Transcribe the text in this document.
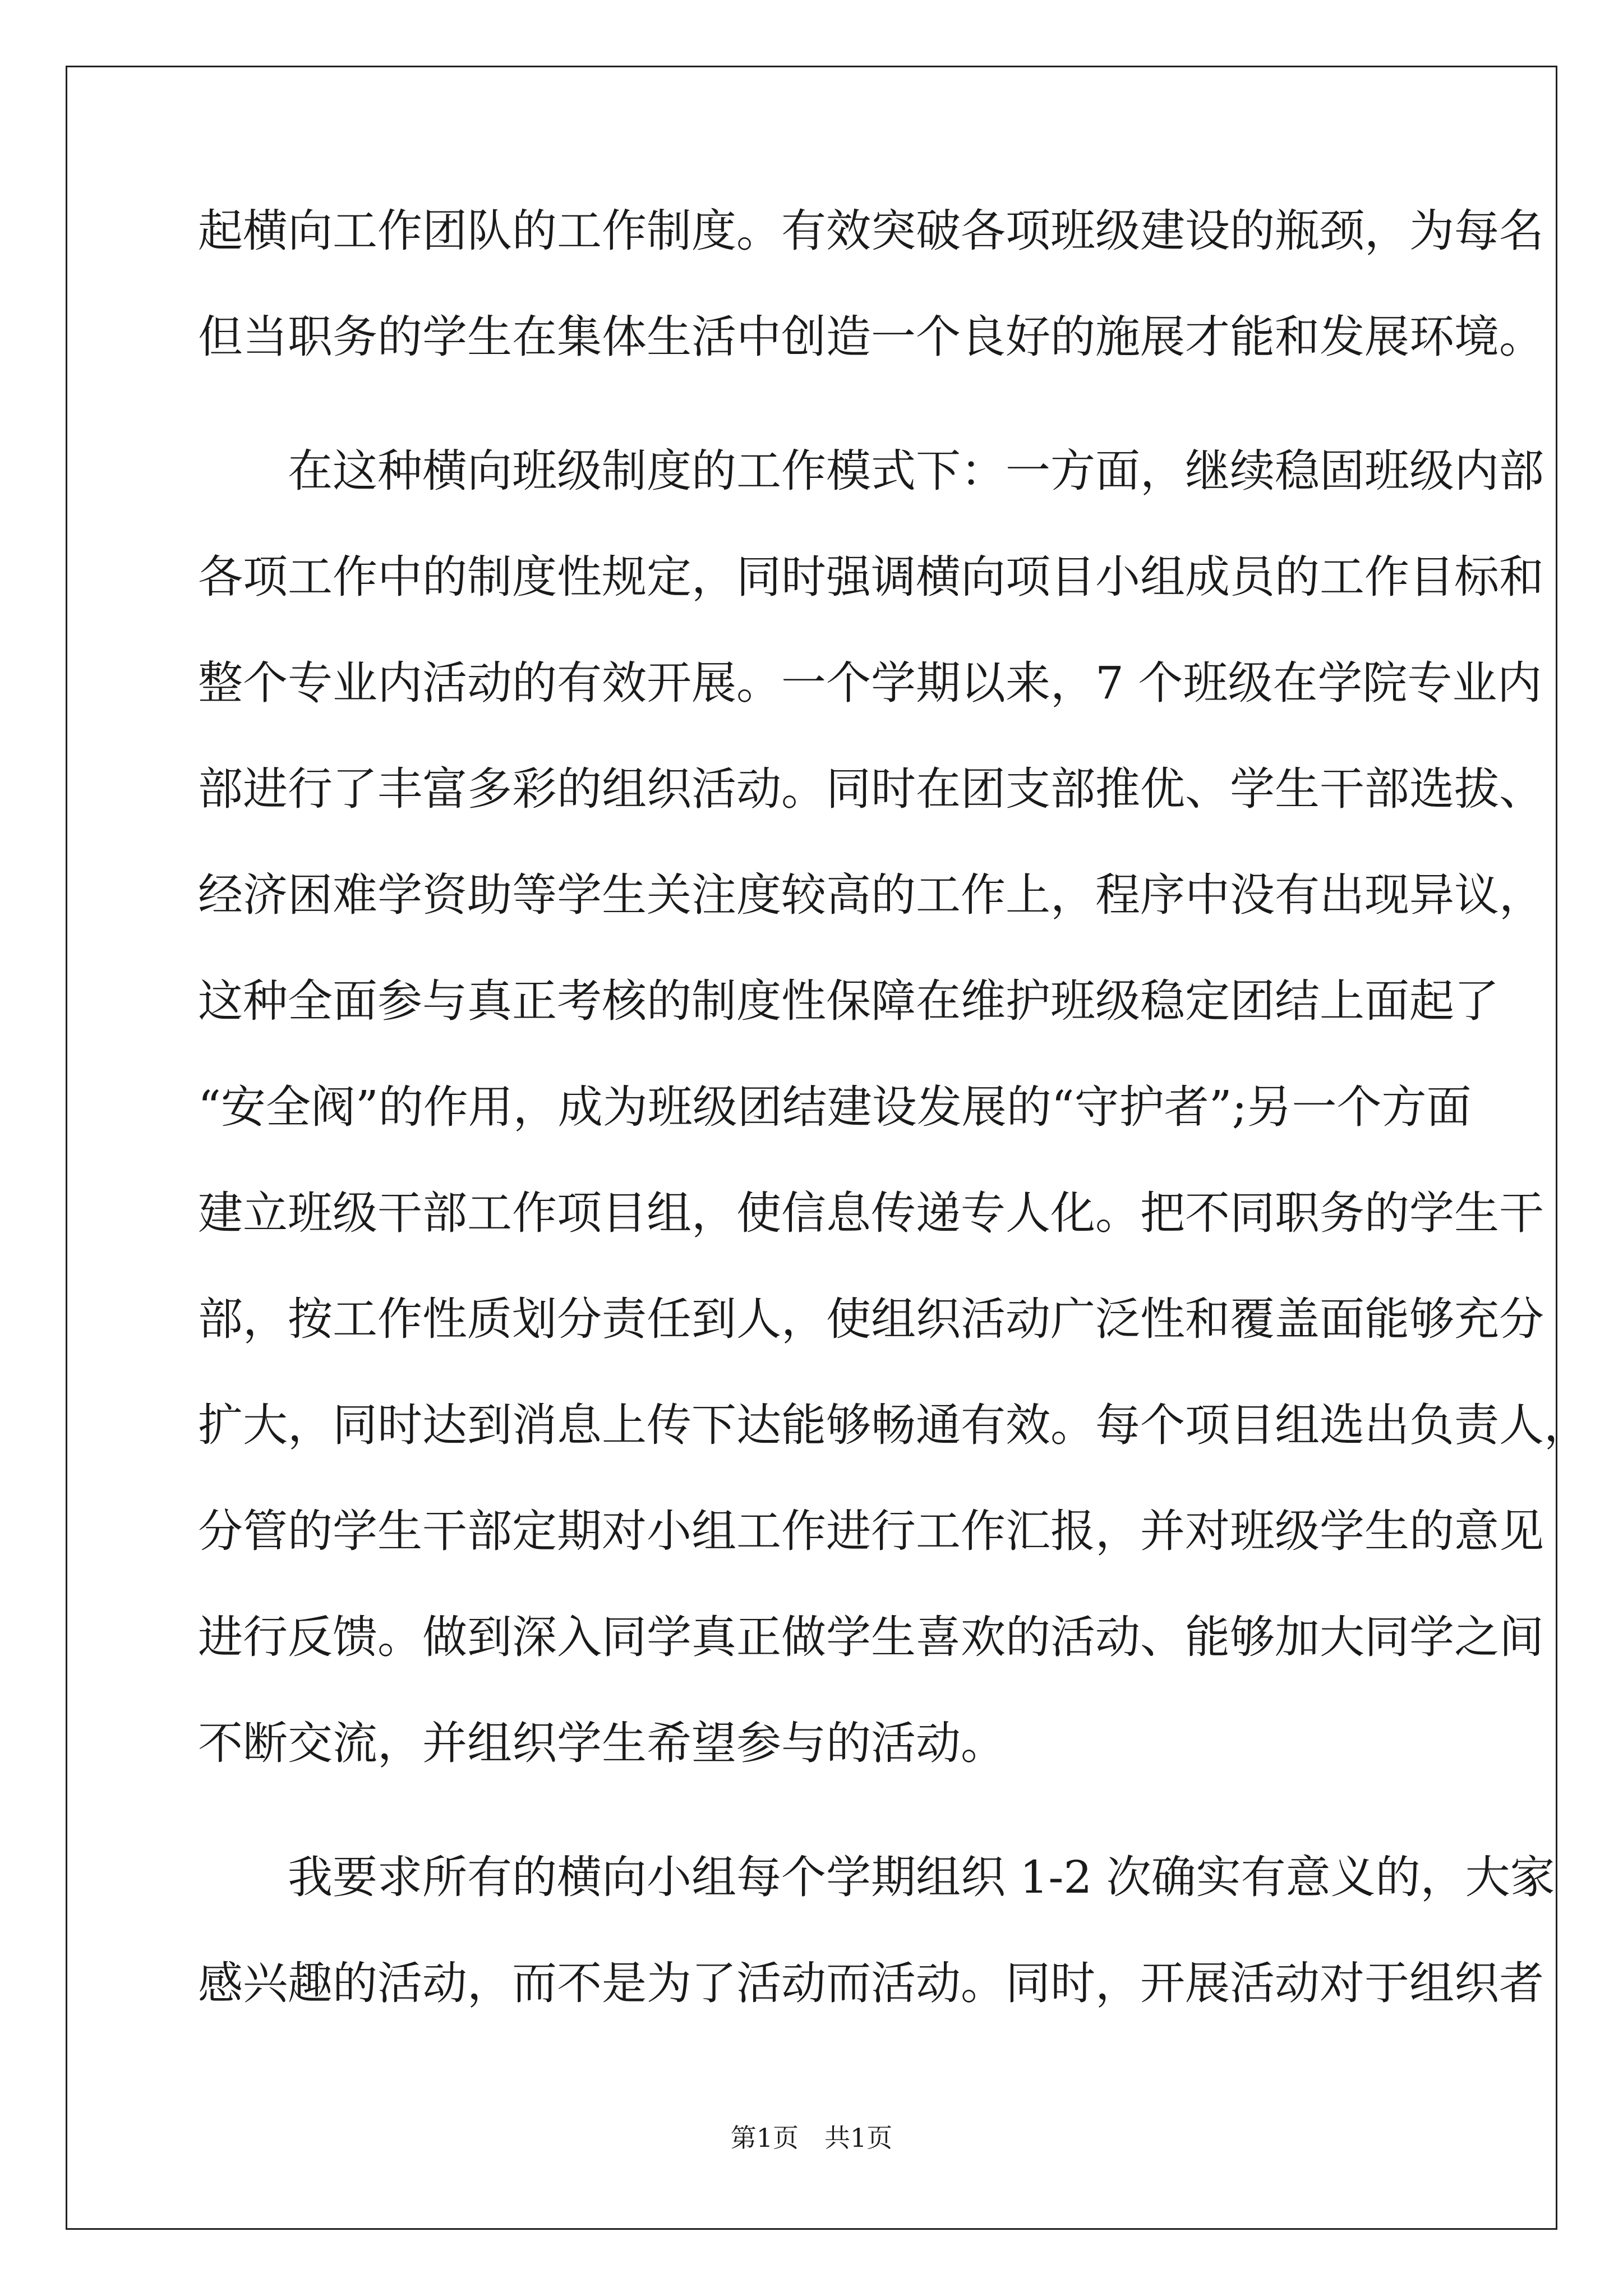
起横向工作团队的工作制度。有效突破各项班级建设的瓶颈，为每名
但当职务的学生在集体生活中创造一个良好的施展才能和发展环境。
　　在这种横向班级制度的工作模式下：一方面，继续稳固班级内部
各项工作中的制度性规定，同时强调横向项目小组成员的工作目标和
整个专业内活动的有效开展。一个学期以来，7 个班级在学院专业内
部进行了丰富多彩的组织活动。同时在团支部推优、学生干部选拔、
经济困难学资助等学生关注度较高的工作上，程序中没有出现异议，
这种全面参与真正考核的制度性保障在维护班级稳定团结上面起了
“安全阀”的作用，成为班级团结建设发展的“守护者”;另一个方面
建立班级干部工作项目组，使信息传递专人化。把不同职务的学生干
部，按工作性质划分责任到人，使组织活动广泛性和覆盖面能够充分
扩大，同时达到消息上传下达能够畅通有效。每个项目组选出负责人，
分管的学生干部定期对小组工作进行工作汇报，并对班级学生的意见
进行反馈。做到深入同学真正做学生喜欢的活动、能够加大同学之间
不断交流，并组织学生希望参与的活动。
　　我要求所有的横向小组每个学期组织 1-2 次确实有意义的，大家
感兴趣的活动，而不是为了活动而活动。同时，开展活动对于组织者
第1页　共1页
